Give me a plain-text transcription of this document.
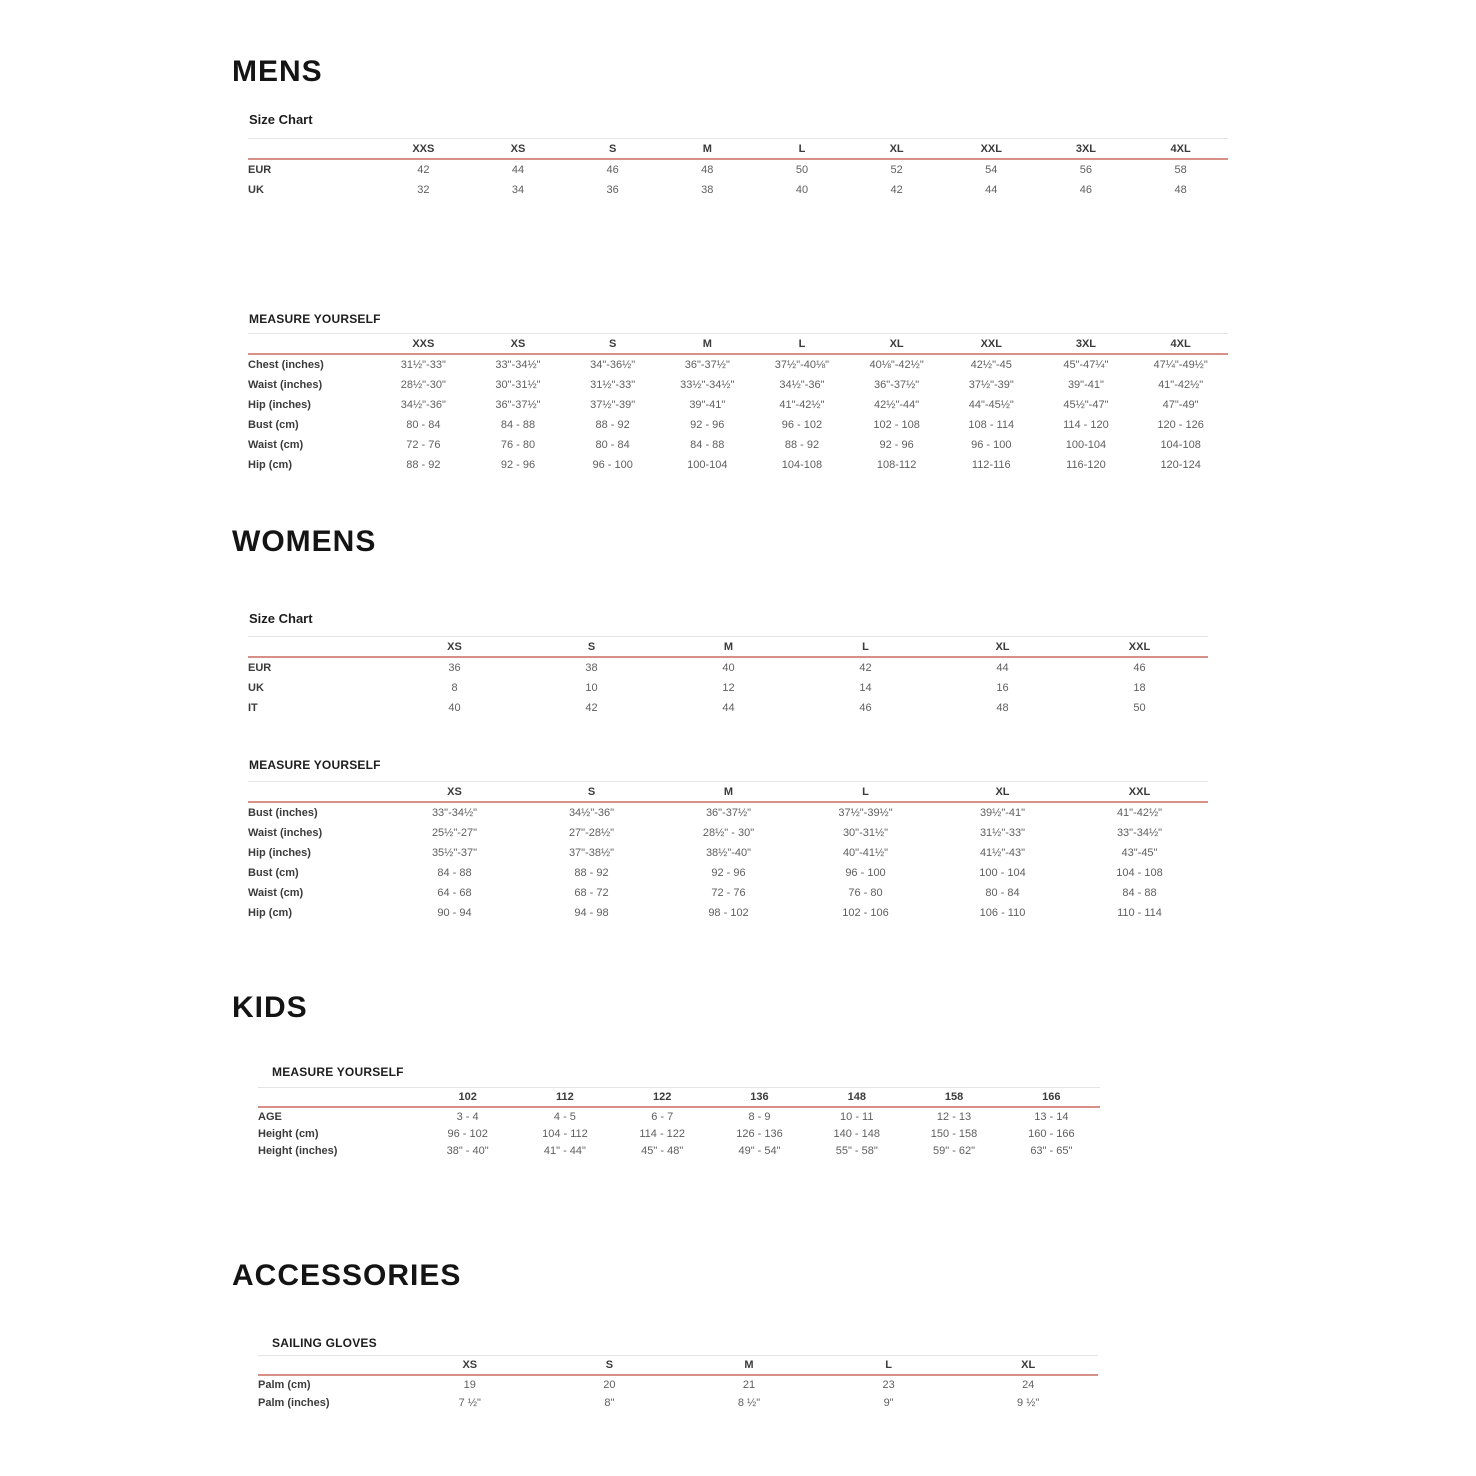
MENS
Size Chart
	XXS	XS	S	M	L	XL	XXL	3XL	4XL
EUR	42	44	46	48	50	52	54	56	58
UK	32	34	36	38	40	42	44	46	48
MEASURE YOURSELF
	XXS	XS	S	M	L	XL	XXL	3XL	4XL
Chest (inches)	31½"-33"	33"-34½"	34"-36½"	36"-37½"	37½"-40⅛"	40⅛"-42½"	42½"-45	45"-47¼"	47¼"-49½"
Waist (inches)	28½"-30"	30"-31½"	31½"-33"	33½"-34½"	34½"-36"	36"-37½"	37½"-39"	39"-41"	41"-42½"
Hip (inches)	34½"-36"	36"-37½"	37½"-39"	39"-41"	41"-42½"	42½"-44"	44"-45½"	45½"-47"	47"-49"
Bust (cm)	80 - 84	84 - 88	88 - 92	92 - 96	96 - 102	102 - 108	108 - 114	114 - 120	120 - 126
Waist (cm)	72 - 76	76 - 80	80 - 84	84 - 88	88 - 92	92 - 96	96 - 100	100-104	104-108
Hip (cm)	88 - 92	92 - 96	96 - 100	100-104	104-108	108-112	112-116	116-120	120-124
WOMENS
Size Chart
	XS	S	M	L	XL	XXL
EUR	36	38	40	42	44	46
UK	8	10	12	14	16	18
IT	40	42	44	46	48	50
MEASURE YOURSELF
	XS	S	M	L	XL	XXL
Bust (inches)	33"-34½"	34½"-36"	36"-37½"	37½"-39½"	39½"-41"	41"-42½"
Waist (inches)	25½"-27"	27"-28½"	28½" - 30"	30"-31½"	31½"-33"	33"-34½"
Hip (inches)	35½"-37"	37"-38½"	38½"-40"	40"-41½"	41½"-43"	43"-45"
Bust (cm)	84 - 88	88 - 92	92 - 96	96 - 100	100 - 104	104 - 108
Waist (cm)	64 - 68	68 - 72	72 - 76	76 - 80	80 - 84	84 - 88
Hip (cm)	90 - 94	94 - 98	98 - 102	102 - 106	106 - 110	110 - 114
KIDS
MEASURE YOURSELF
	102	112	122	136	148	158	166
AGE	3 - 4	4 - 5	6 - 7	8 - 9	10 - 11	12 - 13	13 - 14
Height (cm)	96 - 102	104 - 112	114 - 122	126 - 136	140 - 148	150 - 158	160 - 166
Height (inches)	38" - 40"	41" - 44"	45" - 48"	49" - 54"	55" - 58"	59" - 62"	63" - 65"
ACCESSORIES
SAILING GLOVES
	XS	S	M	L	XL
Palm (cm)	19	20	21	23	24
Palm (inches)	7 ½"	8"	8 ½"	9"	9 ½"
